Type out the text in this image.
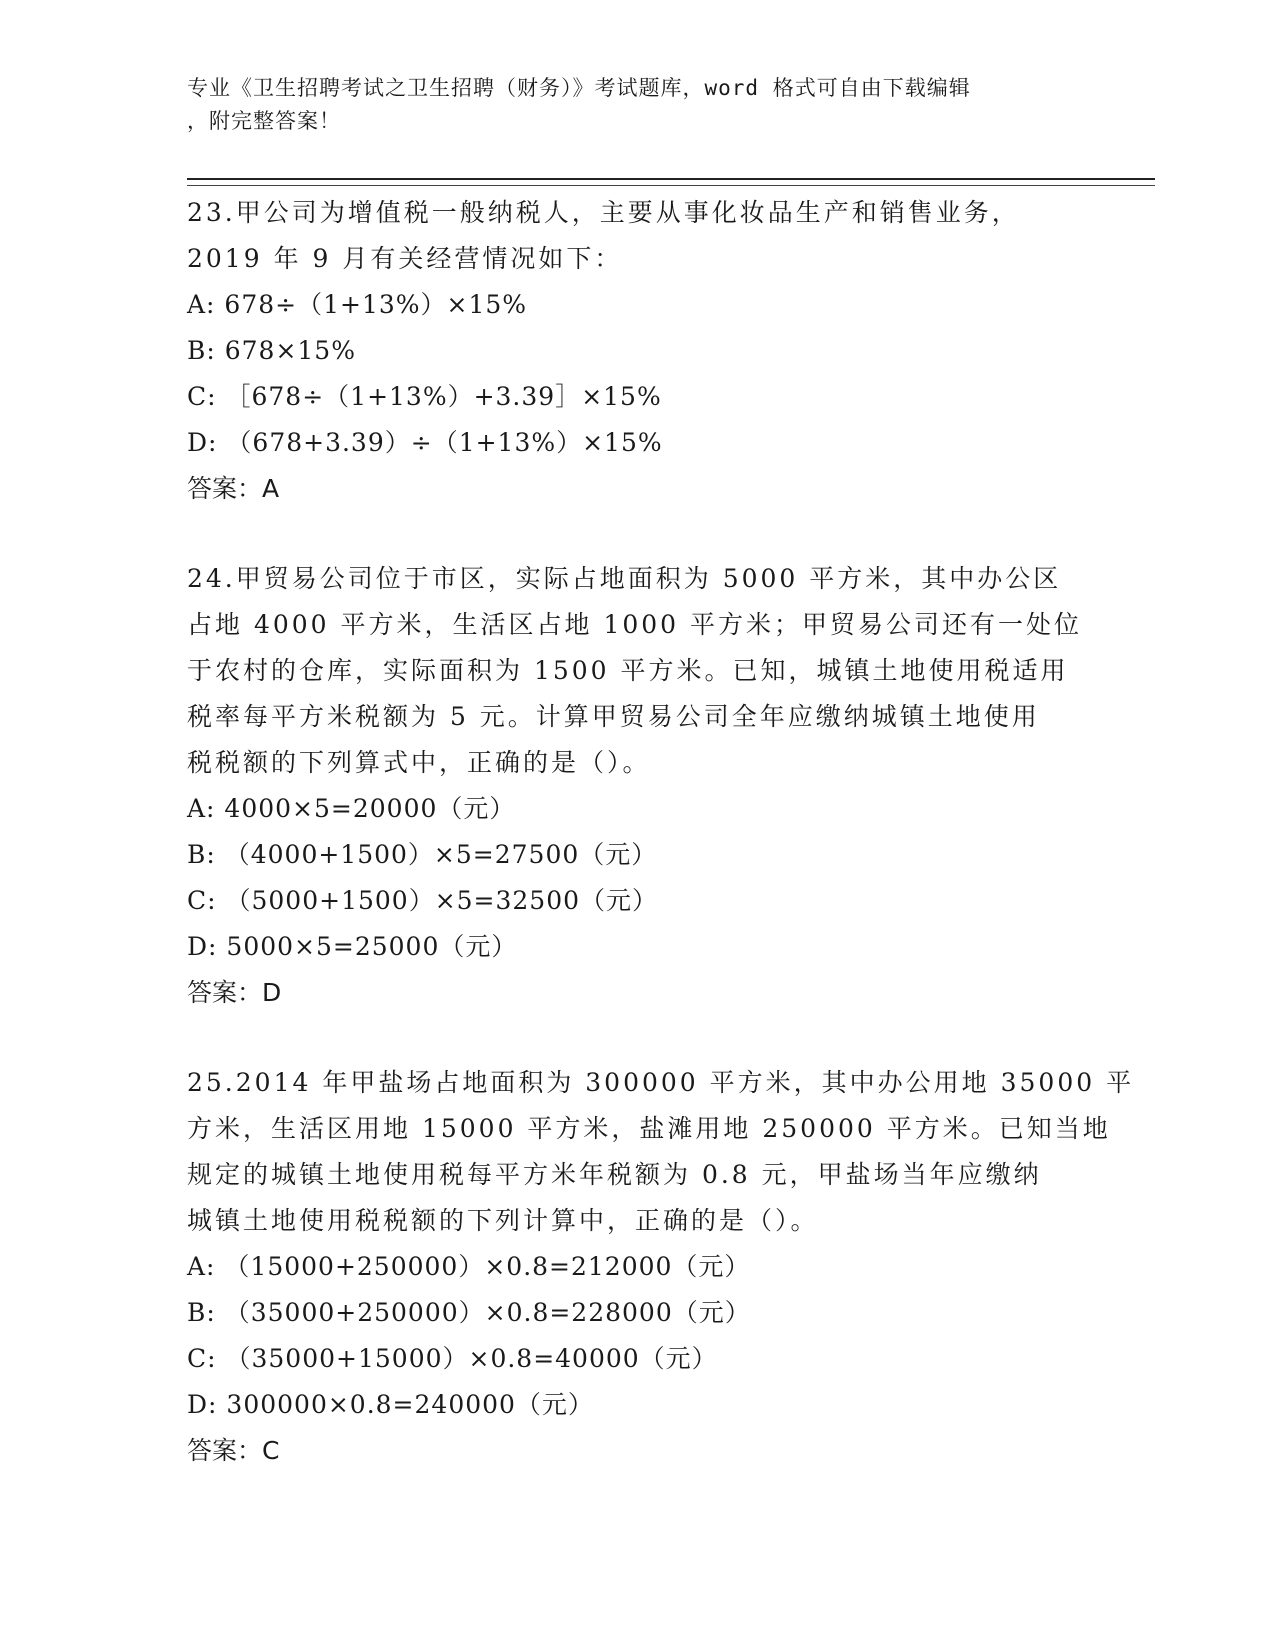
专业《卫生招聘考试之卫生招聘（财务）》考试题库，word 格式可自由下载编辑
，附完整答案！
23.甲公司为增值税一般纳税人，主要从事化妆品生产和销售业务，
2019 年 9 月有关经营情况如下：
A: 678÷（1+13%）×15%
B: 678×15%
C: ［678÷（1+13%）+3.39］×15%
D: （678+3.39）÷（1+13%）×15%
答案：A
24.甲贸易公司位于市区，实际占地面积为 5000 平方米，其中办公区
占地 4000 平方米，生活区占地 1000 平方米；甲贸易公司还有一处位
于农村的仓库，实际面积为 1500 平方米。已知，城镇土地使用税适用
税率每平方米税额为 5 元。计算甲贸易公司全年应缴纳城镇土地使用
税税额的下列算式中，正确的是（）。
A: 4000×5=20000（元）
B: （4000+1500）×5=27500（元）
C: （5000+1500）×5=32500（元）
D: 5000×5=25000（元）
答案：D
25.2014 年甲盐场占地面积为 300000 平方米，其中办公用地 35000 平
方米，生活区用地 15000 平方米，盐滩用地 250000 平方米。已知当地
规定的城镇土地使用税每平方米年税额为 0.8 元，甲盐场当年应缴纳
城镇土地使用税税额的下列计算中，正确的是（）。
A: （15000+250000）×0.8=212000（元）
B: （35000+250000）×0.8=228000（元）
C: （35000+15000）×0.8=40000（元）
D: 300000×0.8=240000（元）
答案：C
